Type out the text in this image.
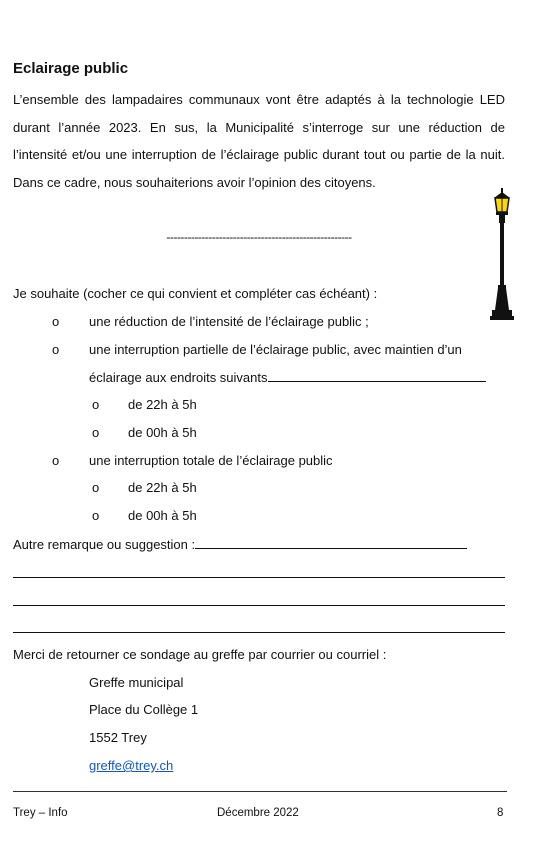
Eclairage public

L’ensemble des lampadaires communaux vont être adaptés à la technologie LED durant l’année 2023. En sus, la Municipalité s’interroge sur une réduction de l’intensité et/ou une interruption de l’éclairage public durant tout ou partie de la nuit. Dans ce cadre, nous souhaiterions avoir l’opinion des citoyens.

-----------------------------------------------------
Je souhaite (cocher ce qui convient et compléter cas échéant) :
o une réduction de l’intensité de l’éclairage public ;
o une interruption partielle de l’éclairage public, avec maintien d’un
éclairage aux endroits suivants
o de 22h à 5h
o de 00h à 5h
o une interruption totale de l’éclairage public
o de 22h à 5h
o de 00h à 5h
Autre remarque ou suggestion :
Merci de retourner ce sondage au greffe par courrier ou courriel :
Greffe municipal
Place du Collège 1
1552 Trey
greffe@trey.ch
Trey – Info	Décembre 2022	8
